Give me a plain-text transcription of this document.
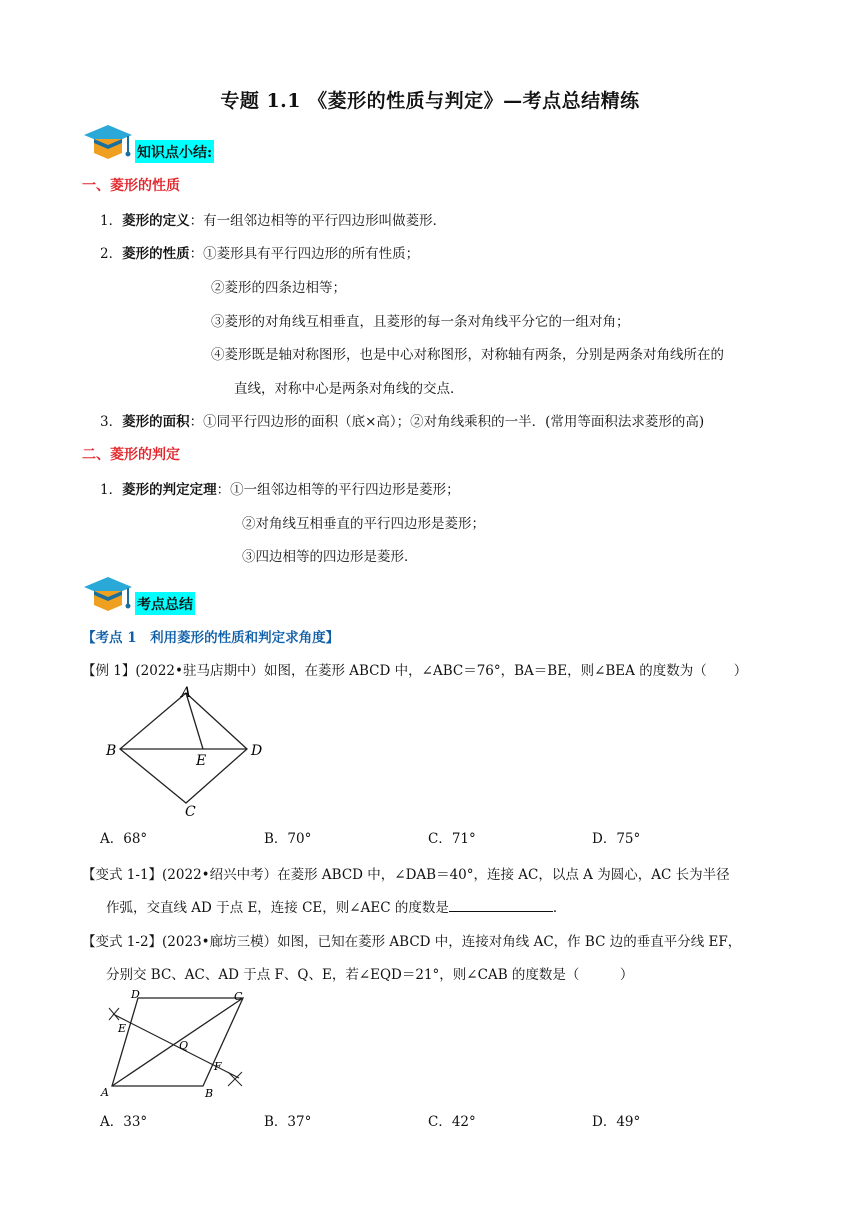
专题 1.1 《菱形的性质与判定》—考点总结精练
知识点小结:
一、菱形的性质
1．菱形的定义：有一组邻边相等的平行四边形叫做菱形．
2．菱形的性质：①菱形具有平行四边形的所有性质；
②菱形的四条边相等；
③菱形的对角线互相垂直，且菱形的每一条对角线平分它的一组对角；
④菱形既是轴对称图形，也是中心对称图形，对称轴有两条，分别是两条对角线所在的
直线，对称中心是两条对角线的交点．
3．菱形的面积：①同平行四边形的面积（底×高）；②对角线乘积的一半．(常用等面积法求菱形的高)
二、菱形的判定
1．菱形的判定定理：①一组邻边相等的平行四边形是菱形；
②对角线互相垂直的平行四边形是菱形；
③四边相等的四边形是菱形．
考点总结
【考点 1　利用菱形的性质和判定求角度】
【例 1】(2022•驻马店期中）如图，在菱形 ABCD 中，∠ABC＝76°，BA＝BE，则∠BEA 的度数为（　　）
A
B	D
E
C
A．68°	B．70°	C．71°	D．75°
【变式 1-1】(2022•绍兴中考）在菱形 ABCD 中，∠DAB＝40°，连接 AC，以点 A 为圆心，AC 长为半径
作弧，交直线 AD 于点 E，连接 CE，则∠AEC 的度数是	．
【变式 1-2】(2023•廊坊三模）如图，已知在菱形 ABCD 中，连接对角线 AC，作 BC 边的垂直平分线 EF，
分别交 BC、AC、AD 于点 F、Q、E，若∠EQD＝21°，则∠CAB 的度数是（　　　）
D	C
E
Q
F
A	B
A．33°	B．37°	C．42°	D．49°
